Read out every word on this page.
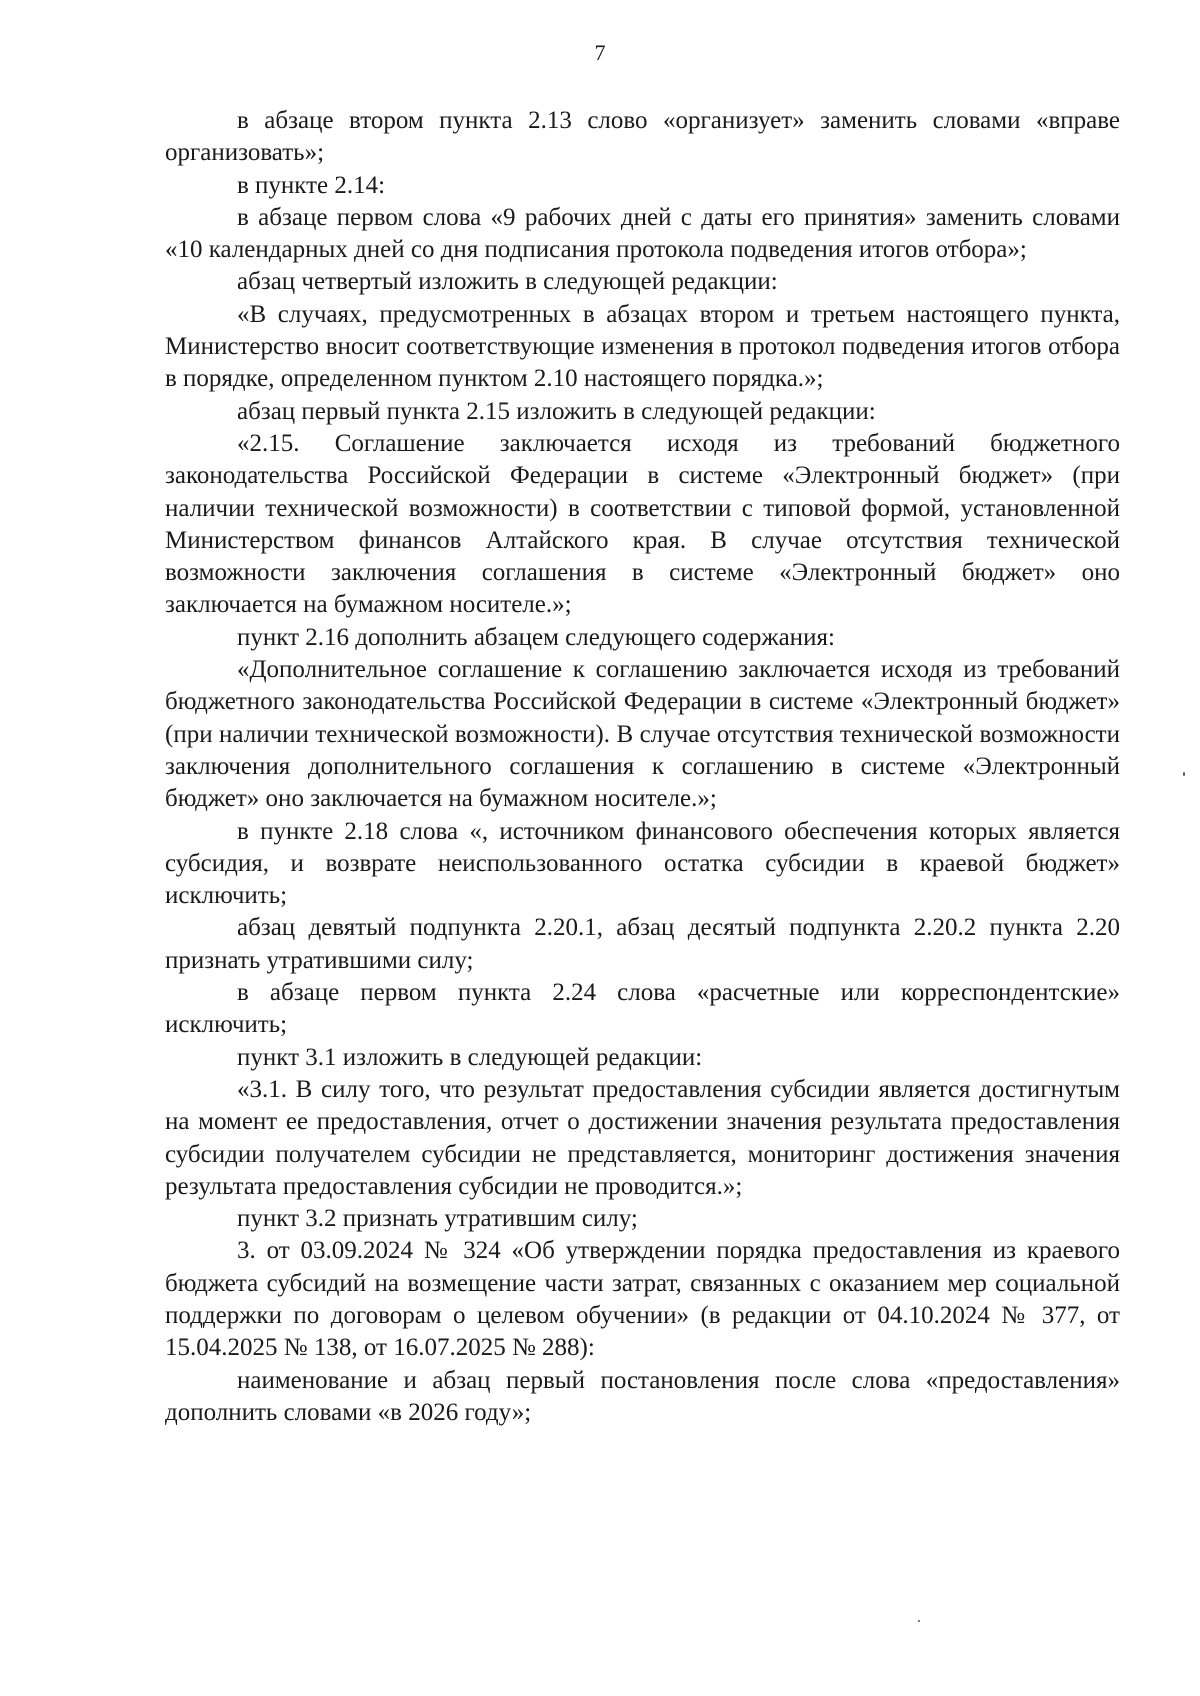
7

в абзаце втором пункта 2.13 слово «организует» заменить словами «вправе организовать»;

в пункте 2.14:

в абзаце первом слова «9 рабочих дней с даты его принятия» заменить словами «10 календарных дней со дня подписания протокола подведения итогов отбора»;

абзац четвертый изложить в следующей редакции:

«В случаях, предусмотренных в абзацах втором и третьем настоящего пункта, Министерство вносит соответствующие изменения в протокол подведения итогов отбора в порядке, определенном пунктом 2.10 настоящего порядка.»;

абзац первый пункта 2.15 изложить в следующей редакции:

«2.15. Соглашение заключается исходя из требований бюджетного законодательства Российской Федерации в системе «Электронный бюджет» (при наличии технической возможности) в соответствии с типовой формой, установленной Министерством финансов Алтайского края. В случае отсутствия технической возможности заключения соглашения в системе «Электронный бюджет» оно заключается на бумажном носителе.»;

пункт 2.16 дополнить абзацем следующего содержания:

«Дополнительное соглашение к соглашению заключается исходя из требований бюджетного законодательства Российской Федерации в системе «Электронный бюджет» (при наличии технической возможности). В случае отсутствия технической возможности заключения дополнительного соглашения к соглашению в системе «Электронный бюджет» оно заключается на бумажном носителе.»;

в пункте 2.18 слова «, источником финансового обеспечения которых является субсидия, и возврате неиспользованного остатка субсидии в краевой бюджет» исключить;

абзац девятый подпункта 2.20.1, абзац десятый подпункта 2.20.2 пункта 2.20 признать утратившими силу;

в абзаце первом пункта 2.24 слова «расчетные или корреспондентские» исключить;

пункт 3.1 изложить в следующей редакции:

«3.1. В силу того, что результат предоставления субсидии является достигнутым на момент ее предоставления, отчет о достижении значения результата предоставления субсидии получателем субсидии не представляется, мониторинг достижения значения результата предоставления субсидии не проводится.»;

пункт 3.2 признать утратившим силу;

3. от 03.09.2024 № 324 «Об утверждении порядка предоставления из краевого бюджета субсидий на возмещение части затрат, связанных с оказанием мер социальной поддержки по договорам о целевом обучении» (в редакции от 04.10.2024 № 377, от 15.04.2025 № 138, от 16.07.2025 № 288):

наименование и абзац первый постановления после слова «предоставления» дополнить словами «в 2026 году»;
